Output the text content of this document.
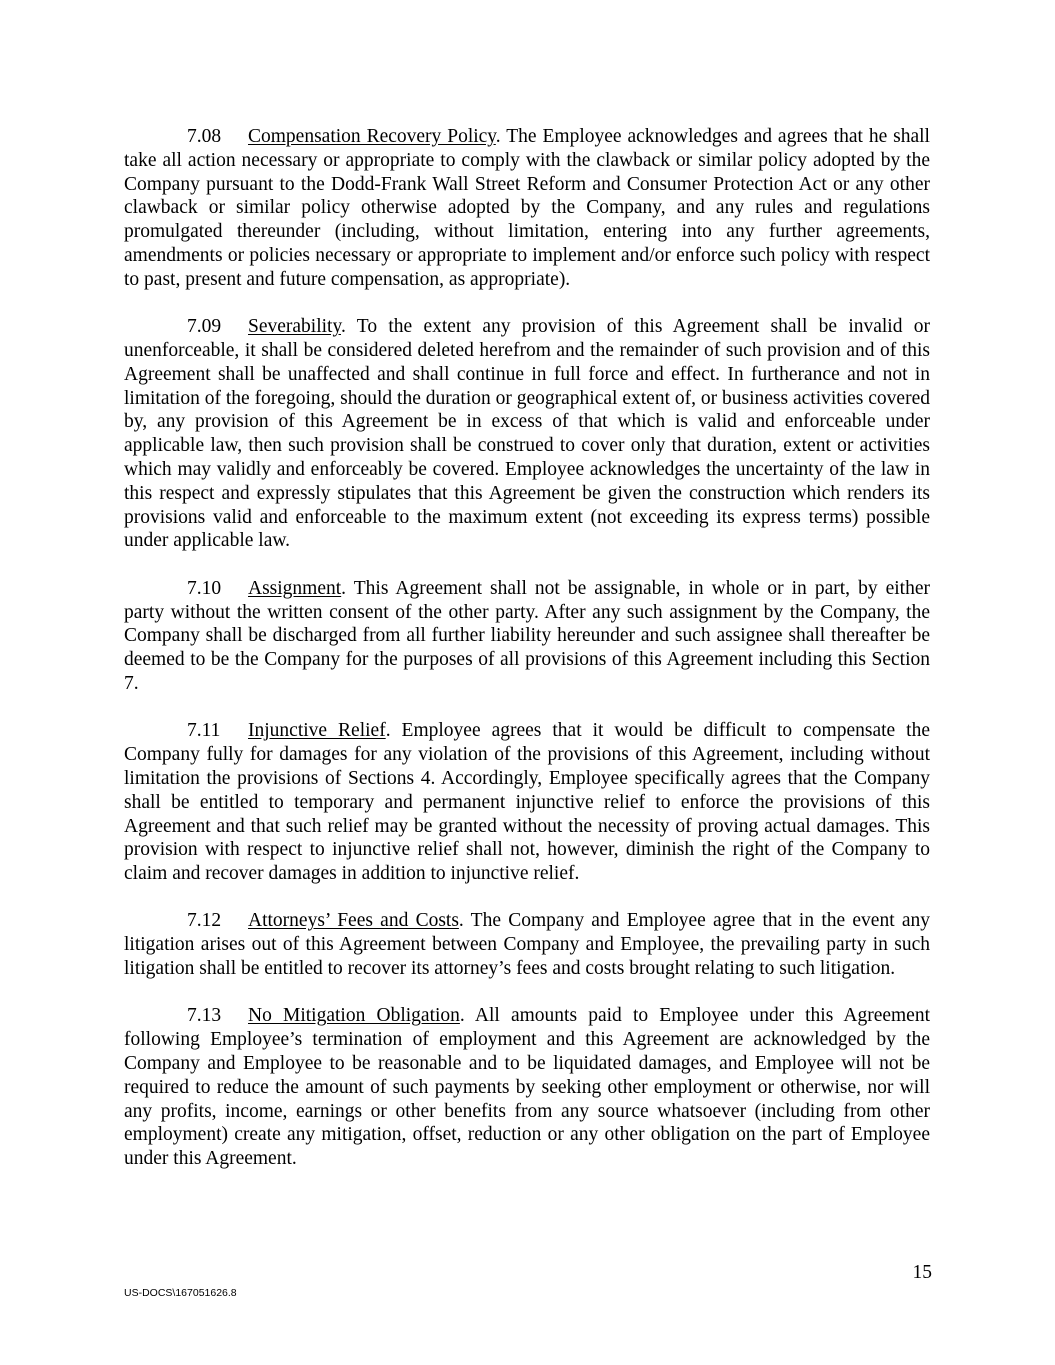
7.08 Compensation Recovery Policy. The Employee acknowledges and agrees that he shall take all action necessary or appropriate to comply with the clawback or similar policy adopted by the Company pursuant to the Dodd-Frank Wall Street Reform and Consumer Protection Act or any other clawback or similar policy otherwise adopted by the Company, and any rules and regulations promulgated thereunder (including, without limitation, entering into any further agreements, amendments or policies necessary or appropriate to implement and/or enforce such policy with respect to past, present and future compensation, as appropriate).

7.09 Severability. To the extent any provision of this Agreement shall be invalid or unenforceable, it shall be considered deleted herefrom and the remainder of such provision and of this Agreement shall be unaffected and shall continue in full force and effect. In furtherance and not in limitation of the foregoing, should the duration or geographical extent of, or business activities covered by, any provision of this Agreement be in excess of that which is valid and enforceable under applicable law, then such provision shall be construed to cover only that duration, extent or activities which may validly and enforceably be covered. Employee acknowledges the uncertainty of the law in this respect and expressly stipulates that this Agreement be given the construction which renders its provisions valid and enforceable to the maximum extent (not exceeding its express terms) possible under applicable law.

7.10 Assignment. This Agreement shall not be assignable, in whole or in part, by either party without the written consent of the other party. After any such assignment by the Company, the Company shall be discharged from all further liability hereunder and such assignee shall thereafter be deemed to be the Company for the purposes of all provisions of this Agreement including this Section 7.

7.11 Injunctive Relief. Employee agrees that it would be difficult to compensate the Company fully for damages for any violation of the provisions of this Agreement, including without limitation the provisions of Sections 4. Accordingly, Employee specifically agrees that the Company shall be entitled to temporary and permanent injunctive relief to enforce the provisions of this Agreement and that such relief may be granted without the necessity of proving actual damages. This provision with respect to injunctive relief shall not, however, diminish the right of the Company to claim and recover damages in addition to injunctive relief.

7.12 Attorneys’ Fees and Costs. The Company and Employee agree that in the event any litigation arises out of this Agreement between Company and Employee, the prevailing party in such litigation shall be entitled to recover its attorney’s fees and costs brought relating to such litigation.

7.13 No Mitigation Obligation. All amounts paid to Employee under this Agreement following Employee’s termination of employment and this Agreement are acknowledged by the Company and Employee to be reasonable and to be liquidated damages, and Employee will not be required to reduce the amount of such payments by seeking other employment or otherwise, nor will any profits, income, earnings or other benefits from any source whatsoever (including from other employment) create any mitigation, offset, reduction or any other obligation on the part of Employee under this Agreement.

15
US-DOCS\167051626.8
